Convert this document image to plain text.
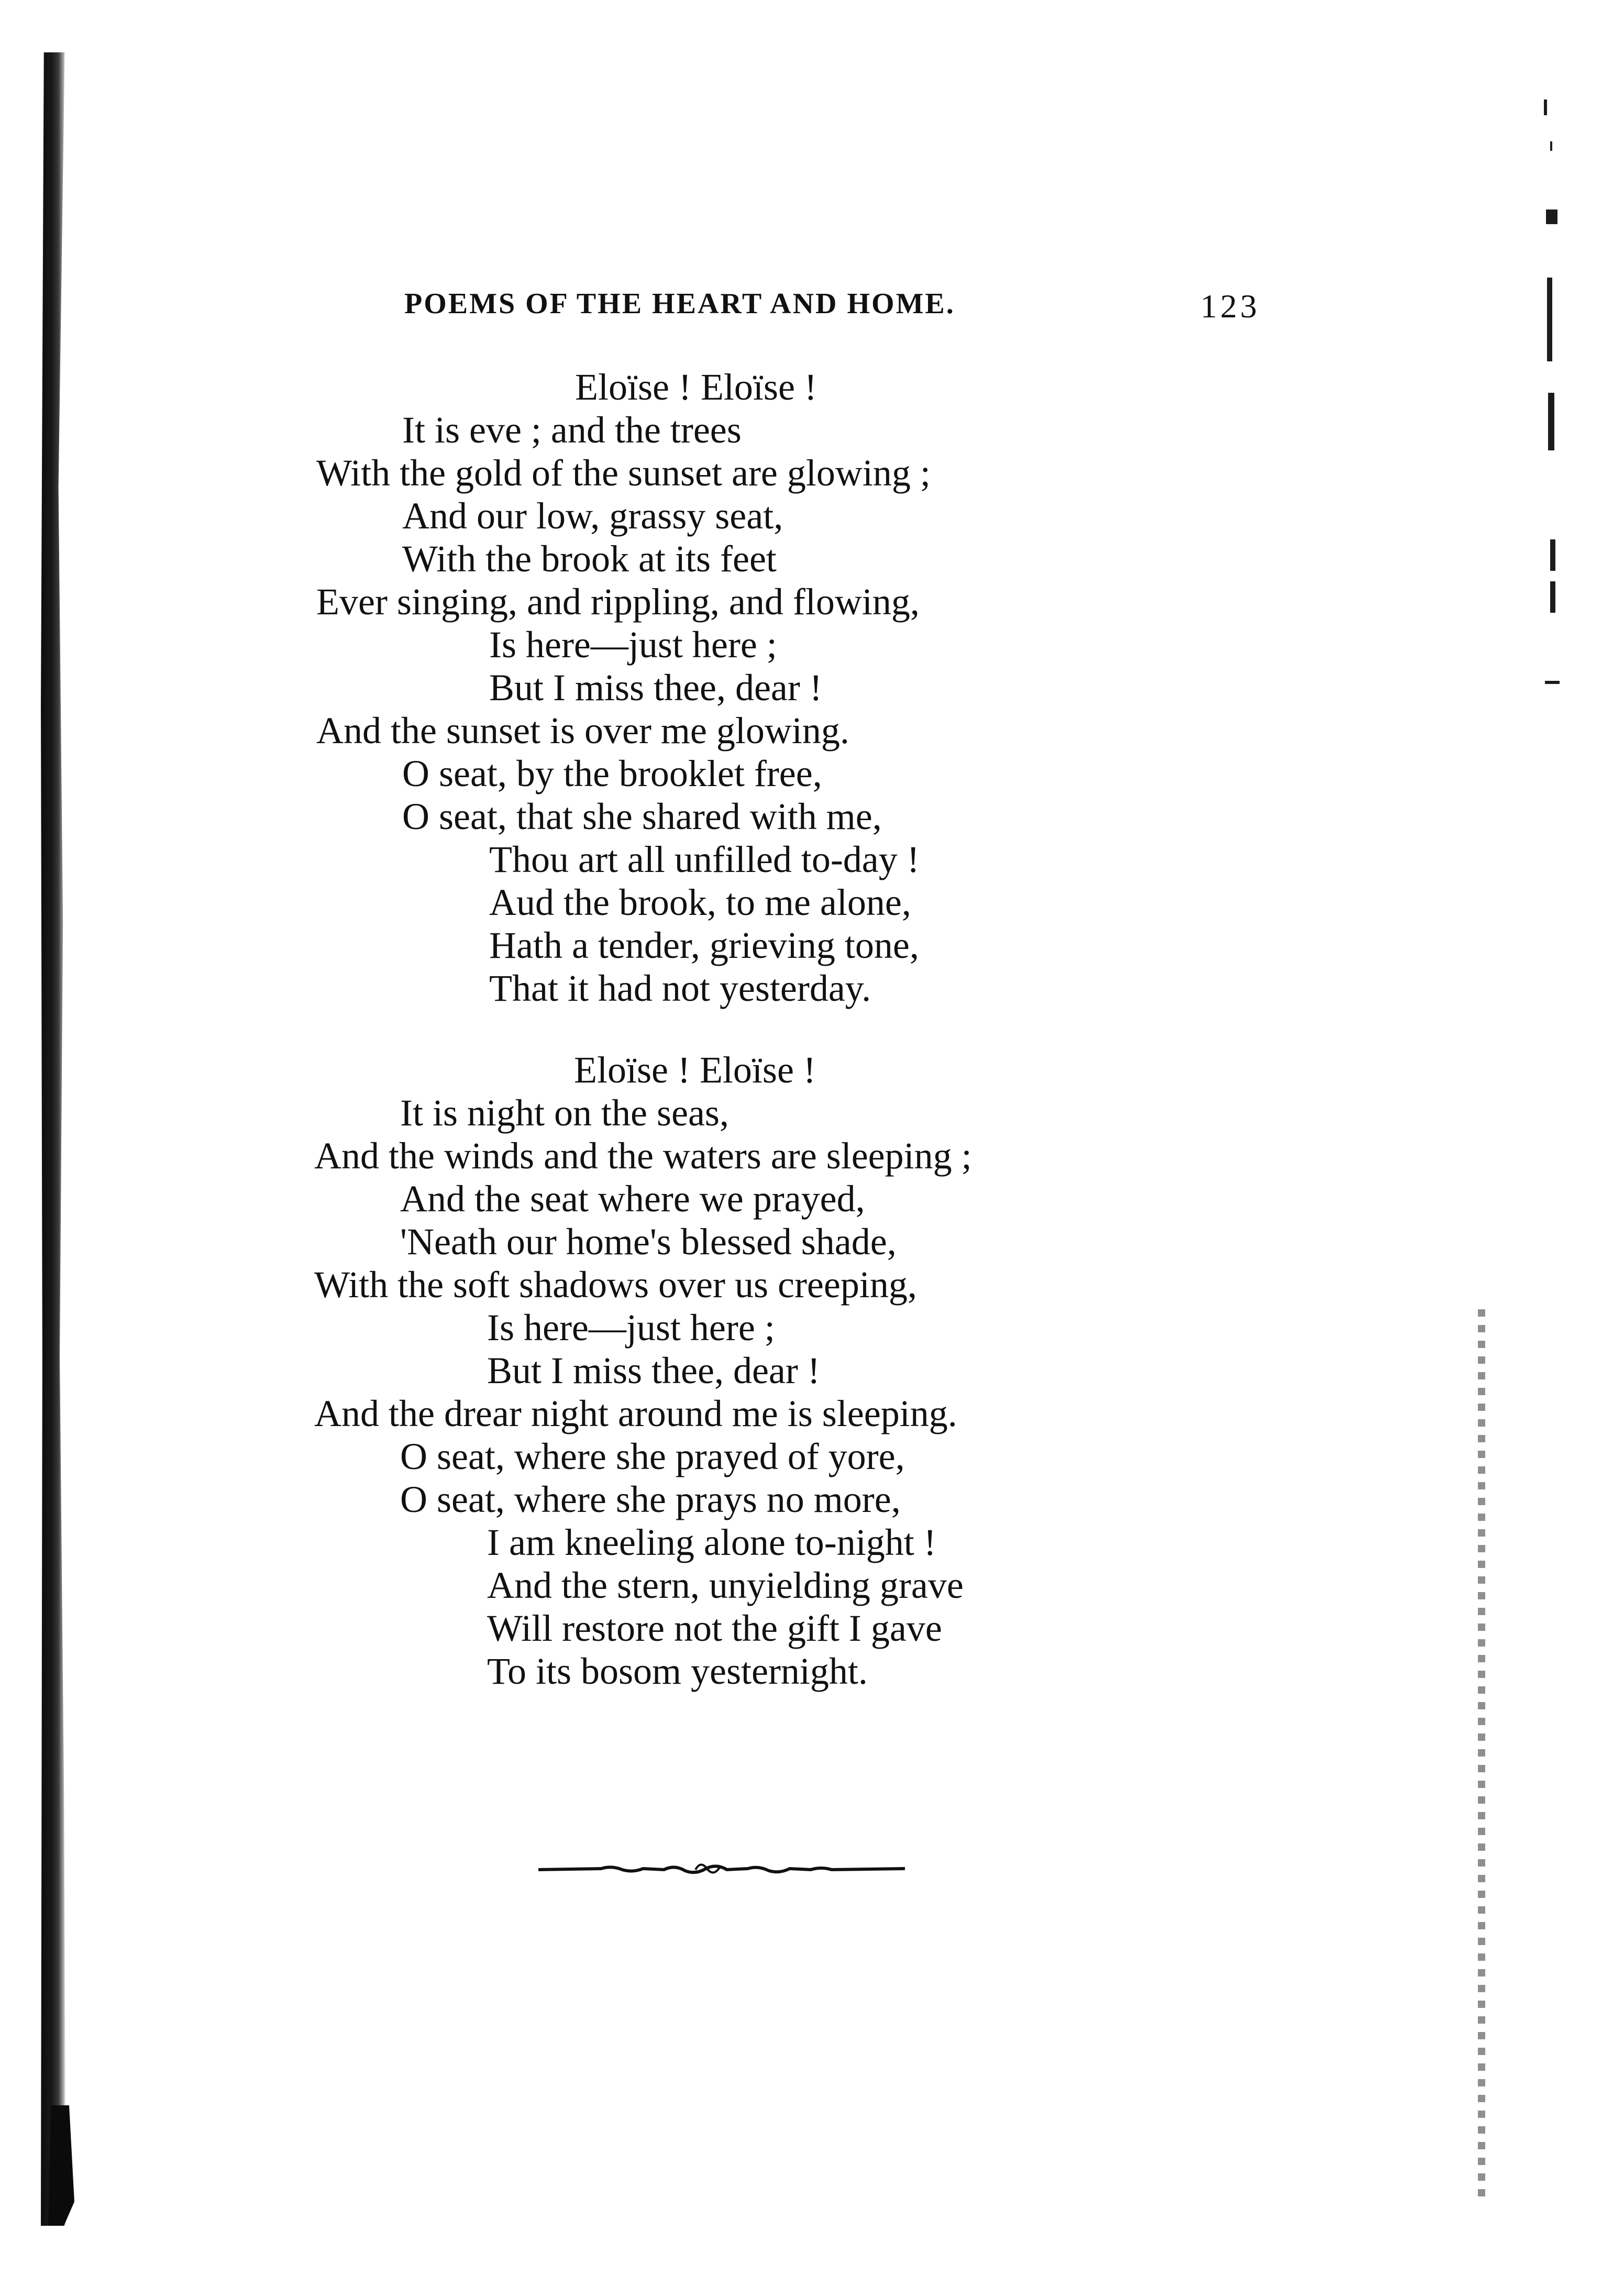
POEMS OF THE HEART AND HOME.	123
Eloïse ! Eloïse !
It is eve ; and the trees
With the gold of the sunset are glowing ;
And our low, grassy seat,
With the brook at its feet
Ever singing, and rippling, and flowing,
Is here—just here ;
But I miss thee, dear !
And the sunset is over me glowing.
O seat, by the brooklet free,
O seat, that she shared with me,
Thou art all unfilled to-day !
Aud the brook, to me alone,
Hath a tender, grieving tone,
That it had not yesterday.
Eloïse ! Eloïse !
It is night on the seas,
And the winds and the waters are sleeping ;
And the seat where we prayed,
'Neath our home's blessed shade,
With the soft shadows over us creeping,
Is here—just here ;
But I miss thee, dear !
And the drear night around me is sleeping.
O seat, where she prayed of yore,
O seat, where she prays no more,
I am kneeling alone to-night !
And the stern, unyielding grave
Will restore not the gift I gave
To its bosom yesternight.
